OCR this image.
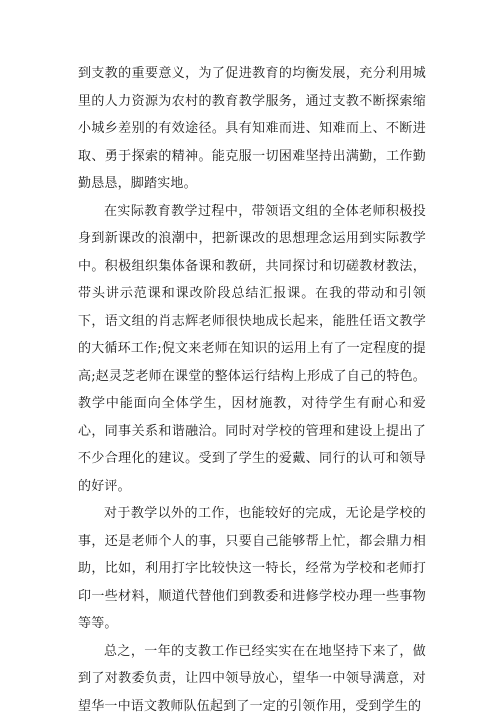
到支教的重要意义，为了促进教育的均衡发展，充分利用城里的人力资源为农村的教育教学服务，通过支教不断探索缩小城乡差别的有效途径。具有知难而进、知难而上、不断进取、勇于探索的精神。能克服一切困难坚持出满勤，工作勤勤恳恳，脚踏实地。

在实际教育教学过程中，带领语文组的全体老师积极投身到新课改的浪潮中，把新课改的思想理念运用到实际教学中。积极组织集体备课和教研，共同探讨和切磋教材教法，带头讲示范课和课改阶段总结汇报课。在我的带动和引领下，语文组的肖志辉老师很快地成长起来，能胜任语文教学的大循环工作;倪文来老师在知识的运用上有了一定程度的提高;赵灵芝老师在课堂的整体运行结构上形成了自己的特色。教学中能面向全体学生，因材施教，对待学生有耐心和爱心，同事关系和谐融洽。同时对学校的管理和建设上提出了不少合理化的建议。受到了学生的爱戴、同行的认可和领导的好评。

对于教学以外的工作，也能较好的完成，无论是学校的事，还是老师个人的事，只要自己能够帮上忙，都会鼎力相助，比如，利用打字比较快这一特长，经常为学校和老师打印一些材料，顺道代替他们到教委和进修学校办理一些事物等等。

总之，一年的支教工作已经实实在在地坚持下来了，做到了对教委负责，让四中领导放心，望华一中领导满意，对望华一中语文教师队伍起到了一定的引领作用，受到学生的
